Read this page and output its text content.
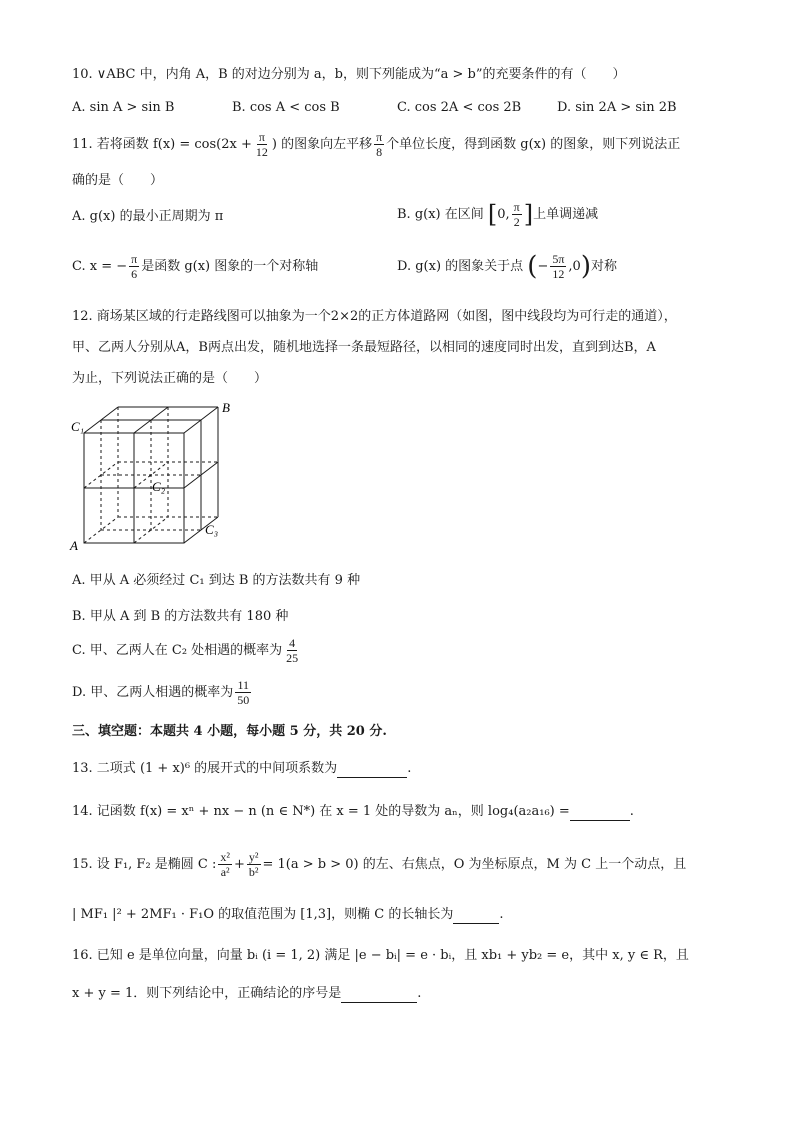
10. ∨ABC 中，内角 A，B 的对边分别为 a，b，则下列能成为“a > b”的充要条件的有（　　）
A. sin A > sin B	B. cos A < cos B	C. cos 2A < cos 2B	D. sin 2A > sin 2B
11. 若将函数 $f(x) = \cos(2x + \frac{\pi}{12}$ ) 的图象向左平移 $\frac{\pi}{8}$ 个单位长度，得到函数 g(x) 的图象，则下列说法正
确的是（　　）
A. g(x) 的最小正周期为 π	B. g(x) 在区间 [0, $\frac{\pi}{2}$ ]上单调递减
C. x = − $\frac{\pi}{6}$ 是函数 g(x) 图象的一个对称轴	D. g(x) 的图象关于点 (− $\frac{5\pi}{12} ,0$)对称
12. 商场某区域的行走路线图可以抽象为一个2×2的正方体道路网（如图，图中线段均为可行走的通道），
甲、乙两人分别从A，B两点出发，随机地选择一条最短路径，以相同的速度同时出发，直到到达B，A
为止，下列说法正确的是（　　）
B
C₁
C₂
C₃
A
A. 甲从 A 必须经过 C₁ 到达 B 的方法数共有 9 种
B. 甲从 A 到 B 的方法数共有 180 种
C. 甲、乙两人在 C₂ 处相遇的概率为 $\frac{4}{25}$
D. 甲、乙两人相遇的概率为 $\frac{11}{50}$
三、填空题：本题共 4 小题，每小题 5 分，共 20 分.
13. 二项式 (1 + x)⁶ 的展开式的中间项系数为	.
14. 记函数 f(x) = xⁿ + nx − n (n ∈ N*) 在 x = 1 处的导数为 aₙ，则 log₄(a₂a₁₆) =	.
15. 设 F₁, F₂ 是椭圆 C : $\frac{\text{x²}}{\text{a²}} + \frac{\text{y²}}{\text{b²}} = 1(a > b > 0)$ 的左、右焦点，O 为坐标原点，M 为 C 上一个动点，且
| MF₁ |² + 2MF₁ · F₁O 的取值范围为 [1,3]，则椭 C 的长轴长为	.
16. 已知 e 是单位向量，向量 bᵢ (i = 1, 2) 满足 |e − bᵢ| = e · bᵢ，且 xb₁ + yb₂ = e，其中 x, y ∈ R，且
x + y = 1．则下列结论中，正确结论的序号是	.
